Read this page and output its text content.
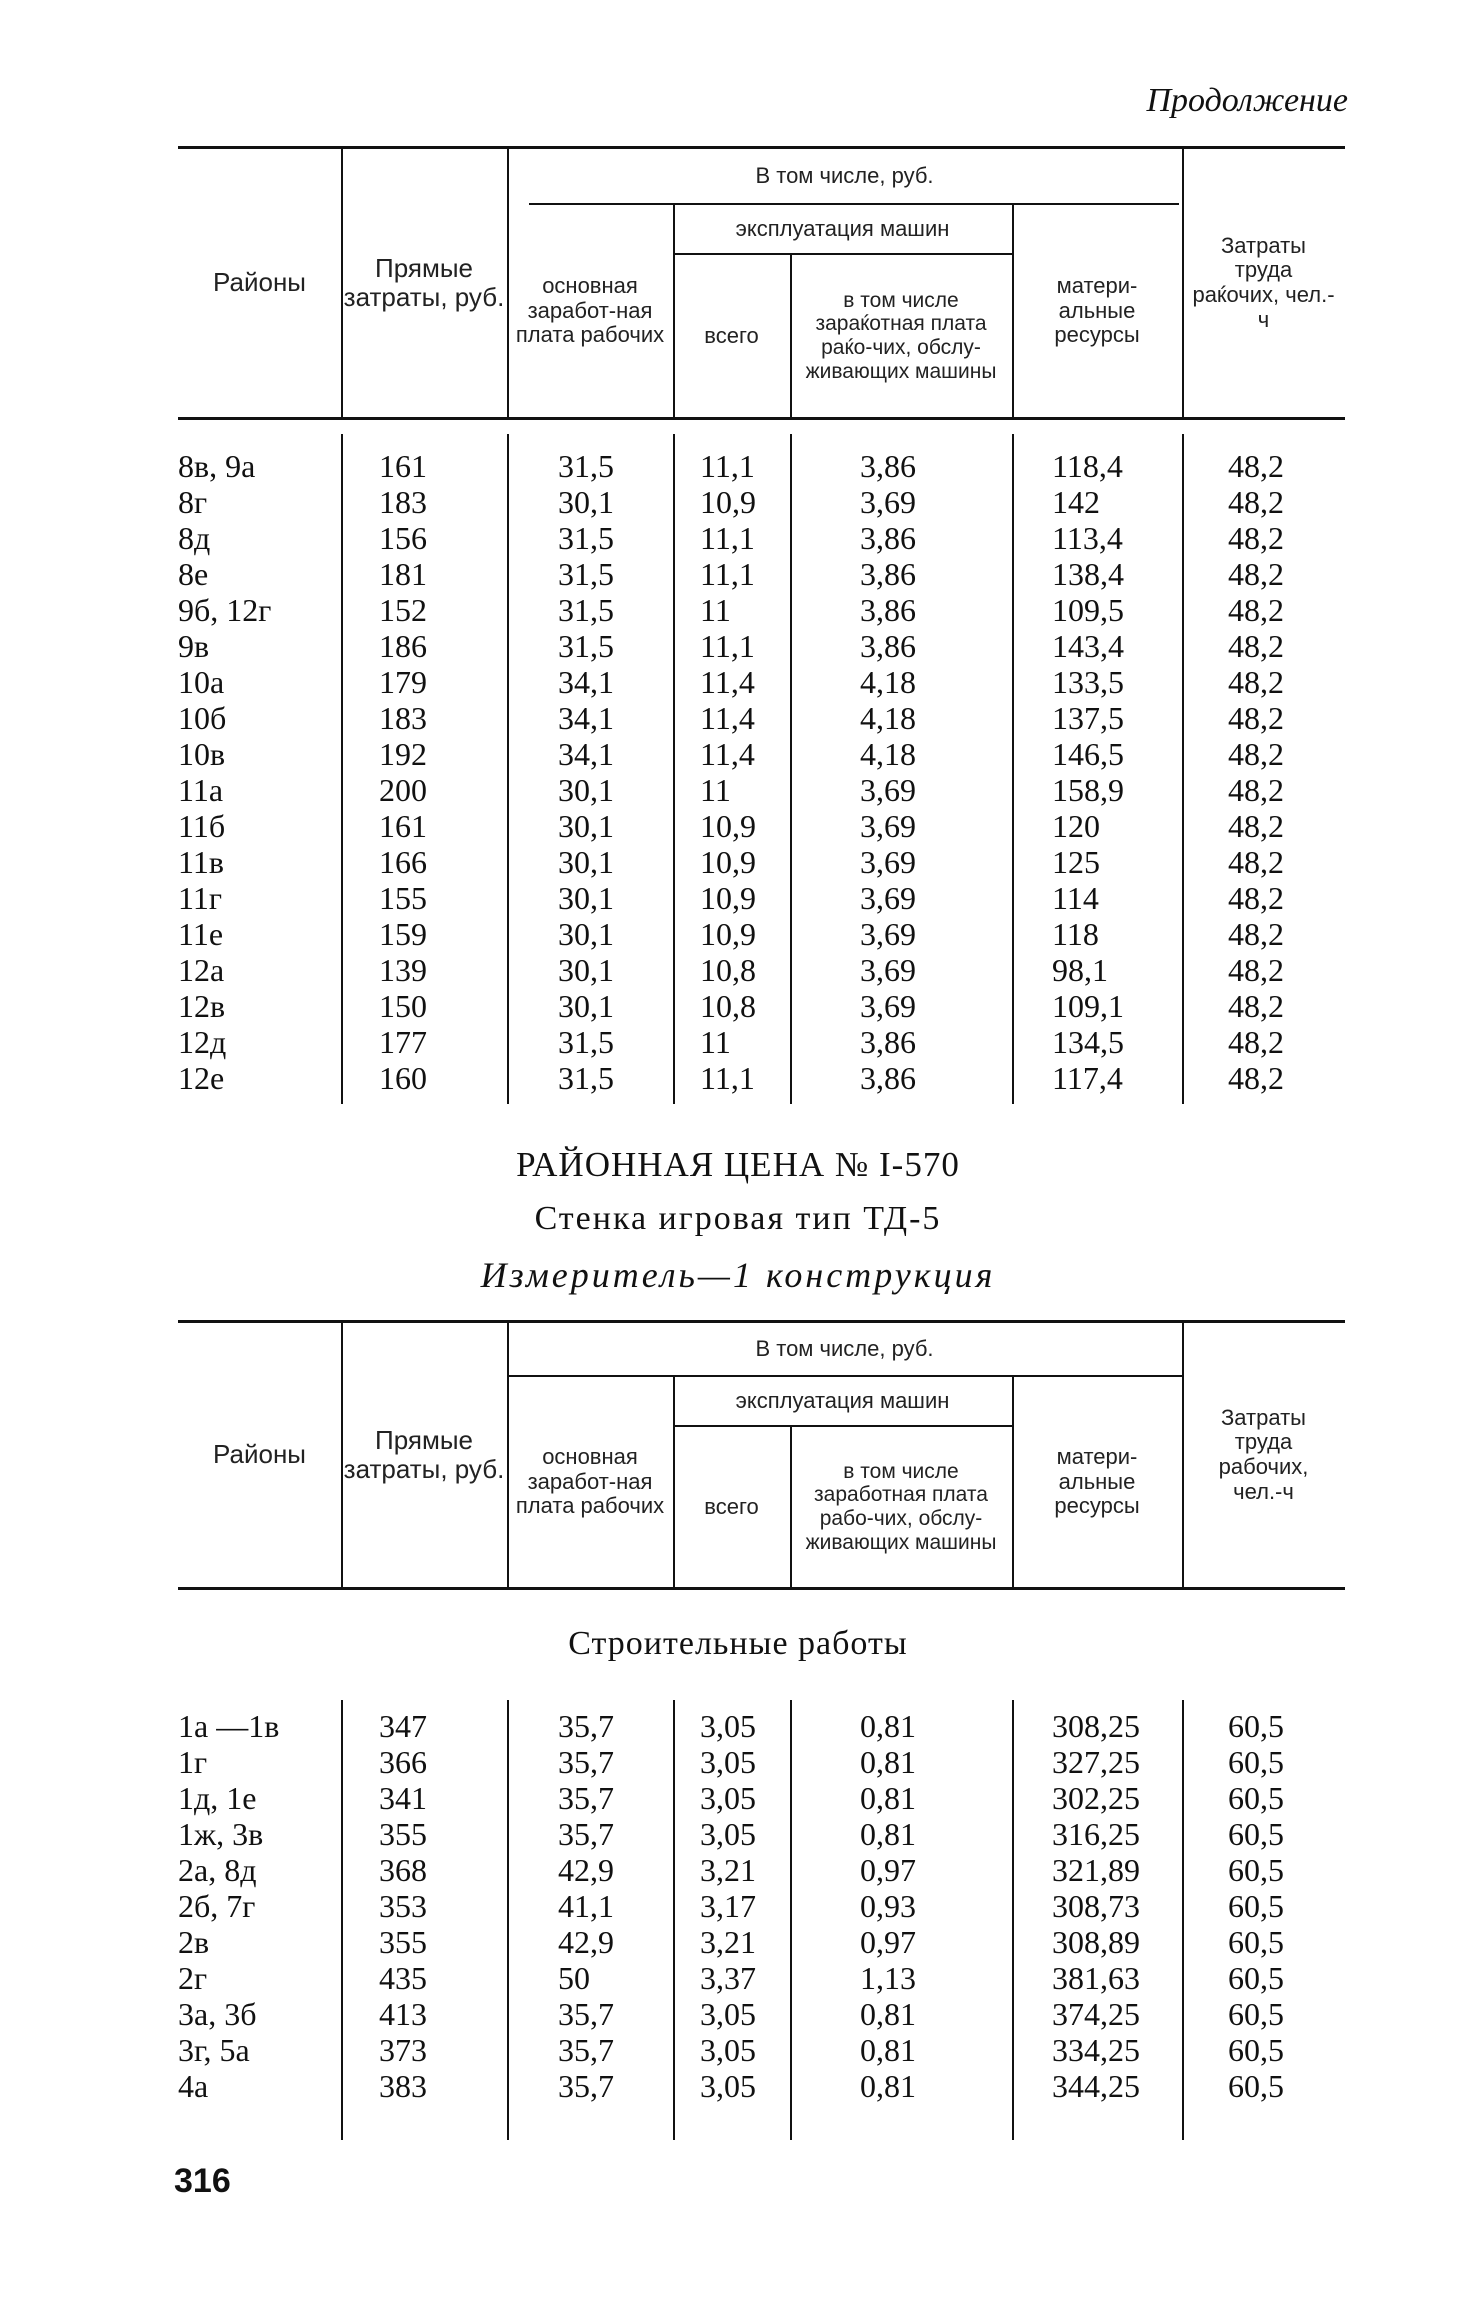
Продолжение
Районы	Прямые затраты, руб.
В том числе, руб.
основная заработ-ная плата рабочих
эксплуатация машин
всего
в том числе зараќотная плата раќо-чих, обслу-живающих машины
матери-альные ресурсы
Затраты труда раќочих, чел.-ч
8в, 9а	161	31,5	11,1	3,86	118,4	48,2
8г	183	30,1	10,9	3,69	142	48,2
8д	156	31,5	11,1	3,86	113,4	48,2
8е	181	31,5	11,1	3,86	138,4	48,2
9б, 12г	152	31,5	11	3,86	109,5	48,2
9в	186	31,5	11,1	3,86	143,4	48,2
10а	179	34,1	11,4	4,18	133,5	48,2
10б	183	34,1	11,4	4,18	137,5	48,2
10в	192	34,1	11,4	4,18	146,5	48,2
11а	200	30,1	11	3,69	158,9	48,2
11б	161	30,1	10,9	3,69	120	48,2
11в	166	30,1	10,9	3,69	125	48,2
11г	155	30,1	10,9	3,69	114	48,2
11е	159	30,1	10,9	3,69	118	48,2
12а	139	30,1	10,8	3,69	98,1	48,2
12в	150	30,1	10,8	3,69	109,1	48,2
12д	177	31,5	11	3,86	134,5	48,2
12е	160	31,5	11,1	3,86	117,4	48,2
РАЙОННАЯ ЦЕНА № I-570
Стенка игровая тип ТД-5
Измеритель—1 конструкция
Районы	Прямые затраты, руб.
В том числе, руб.
основная заработ-ная плата рабочих
эксплуатация машин
всего
в том числе заработная плата рабо-чих, обслу-живающих машины
матери-альные ресурсы
Затраты труда рабочих, чел.-ч
Строительные работы
1а —1в	347	35,7	3,05	0,81	308,25	60,5
1г	366	35,7	3,05	0,81	327,25	60,5
1д, 1е	341	35,7	3,05	0,81	302,25	60,5
1ж, 3в	355	35,7	3,05	0,81	316,25	60,5
2а, 8д	368	42,9	3,21	0,97	321,89	60,5
2б, 7г	353	41,1	3,17	0,93	308,73	60,5
2в	355	42,9	3,21	0,97	308,89	60,5
2г	435	50	3,37	1,13	381,63	60,5
3а, 3б	413	35,7	3,05	0,81	374,25	60,5
3г, 5а	373	35,7	3,05	0,81	334,25	60,5
4а	383	35,7	3,05	0,81	344,25	60,5
316
